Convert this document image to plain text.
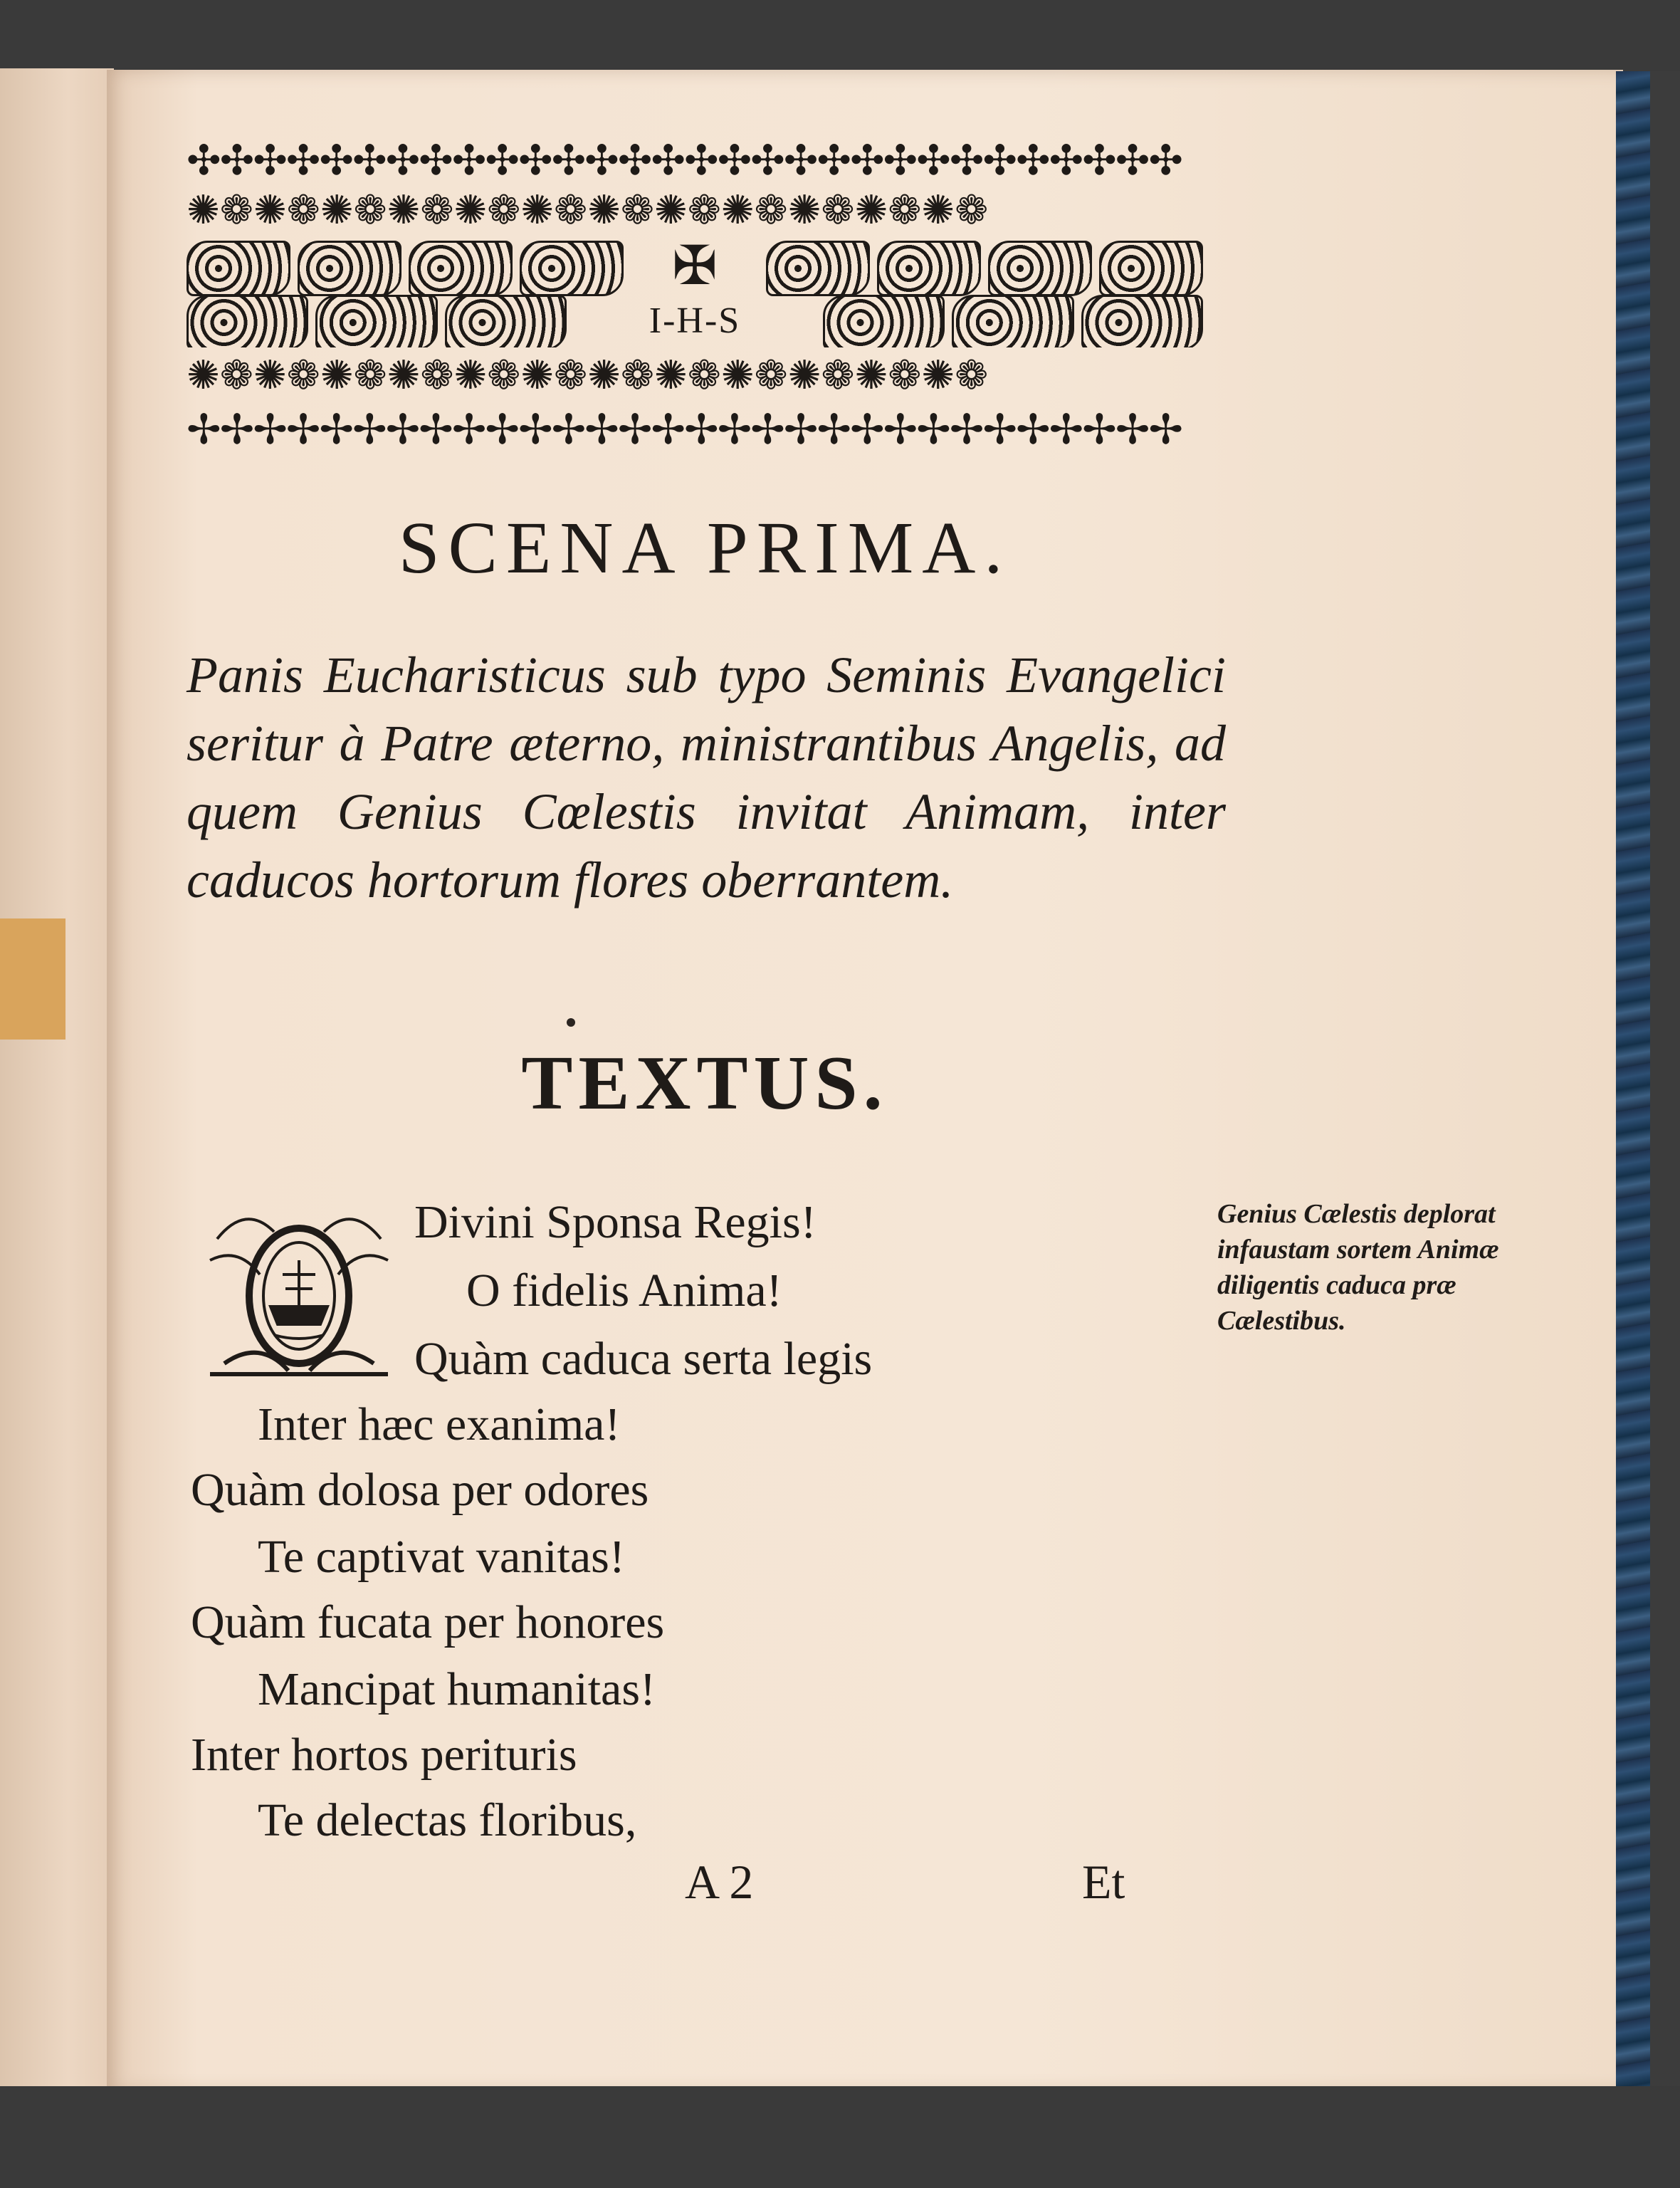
✣✣✣✣✣✣✣✣✣✣✣✣✣✣✣✣✣✣✣✣✣✣✣✣✣✣✣✣✣✣
✺❁✺❁✺❁✺❁✺❁✺❁✺❁✺❁✺❁✺❁✺❁✺❁
✠
I-H-S
✺❁✺❁✺❁✺❁✺❁✺❁✺❁✺❁✺❁✺❁✺❁✺❁
✢✢✢✢✢✢✢✢✢✢✢✢✢✢✢✢✢✢✢✢✢✢✢✢✢✢✢✢✢✢
SCENA PRIMA.
Panis Eucharisticus sub typo Seminis Evangelici seritur à Patre æterno, ministrantibus Angelis, ad quem Genius Cœlestis invitat Animam, inter caducos hortorum flores oberrantem.
TEXTUS.
Divini Sponsa Regis!
O fidelis Anima!
Quàm caduca serta legis
Inter hæc exanima!
Quàm dolosa per odores
Te captivat vanitas!
Quàm fucata per honores
Mancipat humanitas!
Inter hortos perituris
Te delectas floribus,
Genius Cælestis deplorat infaustam sortem Animæ diligentis caduca præ Cælestibus.
A 2	Et
